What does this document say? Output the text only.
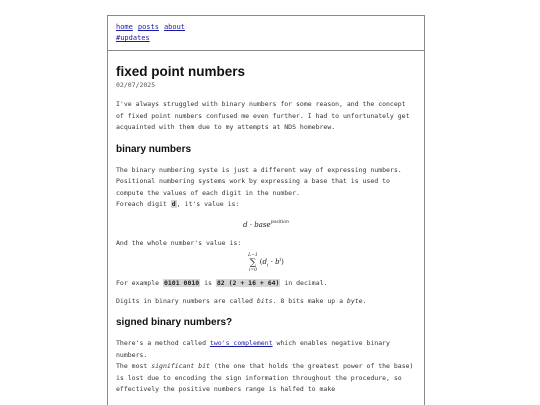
home posts about
#updates
fixed point numbers
02/07/2025

I've always struggled with binary numbers for some reason, and the concept of fixed point numbers confused me even further. I had to unfortunately get acquainted with them due to my attempts at NDS homebrew.

binary numbers

The binary numbering syste is just a different way of expressing numbers. Positional numbering systems work by expressing a base that is used to compute the values of each digit in the number.

Foreach digit d, it's value is:

d · base$^{position}$

And the whole number's value is:

L−1
∑
i=0
$(d_i \cdot b^i)$

For example 0101 0010 is 82 (2 + 16 + 64) in decimal.

Digits in binary numbers are called bits. 8 bits make up a byte.

signed binary numbers?

There's a method called two's complement which enables negative binary numbers.

The most significant bit (the one that holds the greatest power of the base) is lost due to encoding the sign information throughout the procedure, so effectively the positive numbers range is halfed to make
